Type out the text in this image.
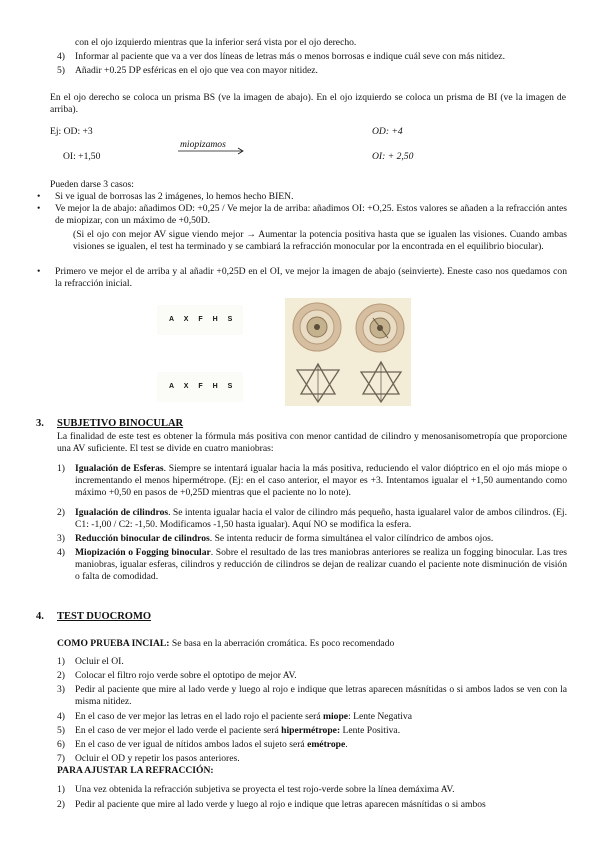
con el ojo izquierdo mientras que la inferior será vista por el ojo derecho.
4)	Informar al paciente que va a ver dos líneas de letras más o menos borrosas e indique cuál seve con más nitidez.
5)	Añadir +0.25 DP esféricas en el ojo que vea con mayor nitidez.
En el ojo derecho se coloca un prisma BS (ve la imagen de abajo). En el ojo izquierdo se coloca un prisma de BI (ve la imagen de arriba).
Ej: OD: +3
OI: +1,50
miopizamos
OD: +4
OI: + 2,50
Pueden darse 3 casos:
• Si ve igual de borrosas las 2 imágenes, lo hemos hecho BIEN.
• Ve mejor la de abajo: añadimos OD: +0,25 / Ve mejor la de arriba: añadimos OI: +O,25. Estos valores se añaden a la refracción antes de miopizar, con un máximo de +0,50D.
(Si el ojo con mejor AV sigue viendo mejor → Aumentar la potencia positiva hasta que se igualen las visiones. Cuando ambas visiones se igualen, el test ha terminado y se cambiará la refracción monocular por la encontrada en el equilibrio biocular).
• Primero ve mejor el de arriba y al añadir +0,25D en el OI, ve mejor la imagen de abajo (seinvierte). Eneste caso nos quedamos con la refracción inicial.
A X F H S
A X F H S
3. SUBJETIVO BINOCULAR
La finalidad de este test es obtener la fórmula más positiva con menor cantidad de cilindro y menosanisometropía que proporcione una AV suficiente. El test se divide en cuatro maniobras:
1)	Igualación de Esferas. Siempre se intentará igualar hacia la más positiva, reduciendo el valor dióptrico en el ojo más miope o incrementando el menos hipermétrope. (Ej: en el caso anterior, el mayor es +3. Intentamos igualar el +1,50 aumentando como máximo +0,50 en pasos de +0,25D mientras que el paciente no lo note).
2)	Igualación de cilindros. Se intenta igualar hacia el valor de cilindro más pequeño, hasta igualarel valor de ambos cilindros. (Ej. C1: -1,00 / C2: -1,50. Modificamos -1,50 hasta igualar). Aquí NO se modifica la esfera.
3)	Reducción binocular de cilindros. Se intenta reducir de forma simultánea el valor cilíndrico de ambos ojos.
4)	Miopización o Fogging binocular. Sobre el resultado de las tres maniobras anteriores se realiza un fogging binocular. Las tres maniobras, igualar esferas, cilindros y reducción de cilindros se dejan de realizar cuando el paciente note disminución de visión o falta de comodidad.
4. TEST DUOCROMO
COMO PRUEBA INCIAL: Se basa en la aberración cromática. Es poco recomendado
1)	Ocluir el OI.
2)	Colocar el filtro rojo verde sobre el optotipo de mejor AV.
3)	Pedir al paciente que mire al lado verde y luego al rojo e indique que letras aparecen másnítidas o si ambos lados se ven con la misma nitidez.
4)	En el caso de ver mejor las letras en el lado rojo el paciente será miope: Lente Negativa
5)	En el caso de ver mejor el lado verde el paciente será hipermétrope: Lente Positiva.
6)	En el caso de ver igual de nítidos ambos lados el sujeto será emétrope.
7)	Ocluir el OD y repetir los pasos anteriores.
PARA AJUSTAR LA REFRACCIÓN:
1)	Una vez obtenida la refracción subjetiva se proyecta el test rojo-verde sobre la línea demáxima AV.
2)	Pedir al paciente que mire al lado verde y luego al rojo e indique que letras aparecen másnítidas o si ambos
